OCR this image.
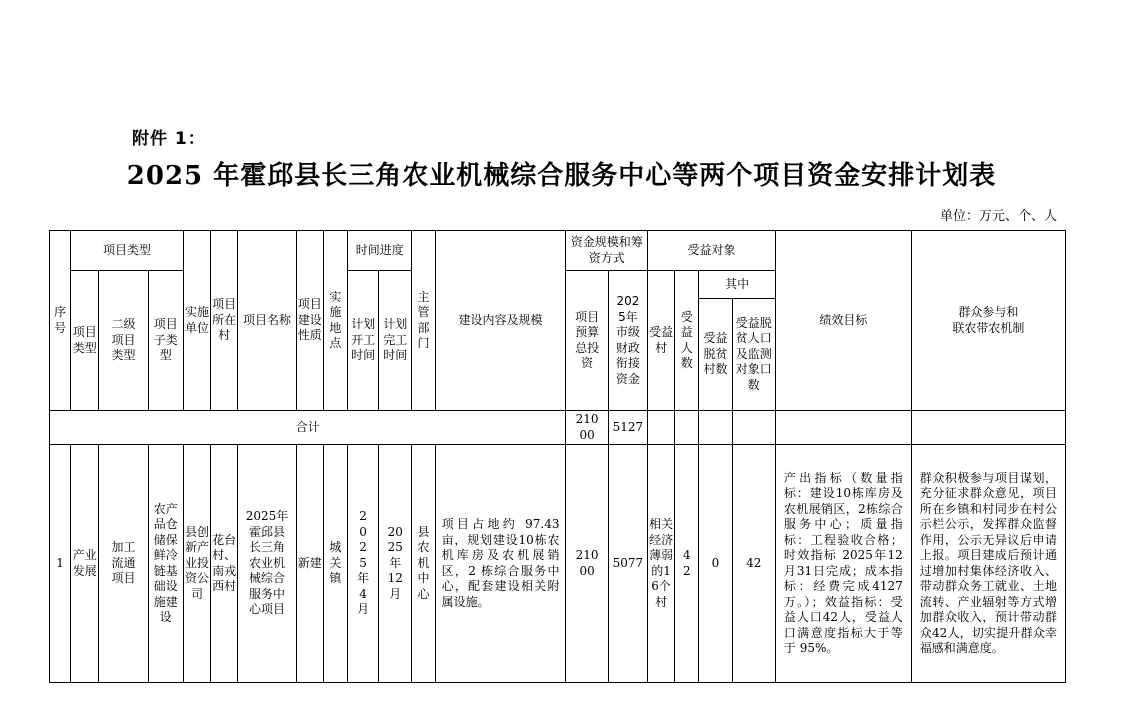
附件 1：
2025 年霍邱县长三角农业机械综合服务中心等两个项目资金安排计划表
单位：万元、个、人
序号	项目类型			实施单位	项目所在村	项目名称	项目建设性质	实施地点	时间进度		主管部门	建设内容及规模	资金规模和筹资方式		受益对象				绩效目标	群众参与和
联农带农机制
	项目类型	二级项目类型	项目子类型						计划开工时间	计划完工时间			项目预算总投资	2025年市级财政衔接资金	受益村	受益人数	其中			
																	受益脱贫村数	受益脱贫人口及监测对象口数		
合计													21000	5127						
1	产业发展	加工流通项目	农产品仓储保鲜冷链基础设施建设	县创新产业投资公司	花台村、南戎西村	2025年霍邱县长三角农业机械综合服务中心项目	新建	城关镇	2025年4月	2025年12月	县农机中心	项目占地约 97.43亩，规划建设10栋农机库房及农机展销区，2 栋综合服务中心，配套建设相关附属设施。	21000	5077	相关经济薄弱的16个村	42	0	42	产出指标（数量指标：建设10栋库房及农机展销区，2栋综合服务中心；质量指标：工程验收合格；时效指标 2025年12月31日完成；成本指标：经费完成4127万。）；效益指标：受益人口42人，受益人口满意度指标大于等于 95%。	群众积极参与项目谋划，充分征求群众意见，项目所在乡镇和村同步在村公示栏公示，发挥群众监督作用，公示无异议后申请上报。项目建成后预计通过增加村集体经济收入、带动群众务工就业、土地流转、产业辐射等方式增加群众收入，预计带动群众42人，切实提升群众幸福感和满意度。
